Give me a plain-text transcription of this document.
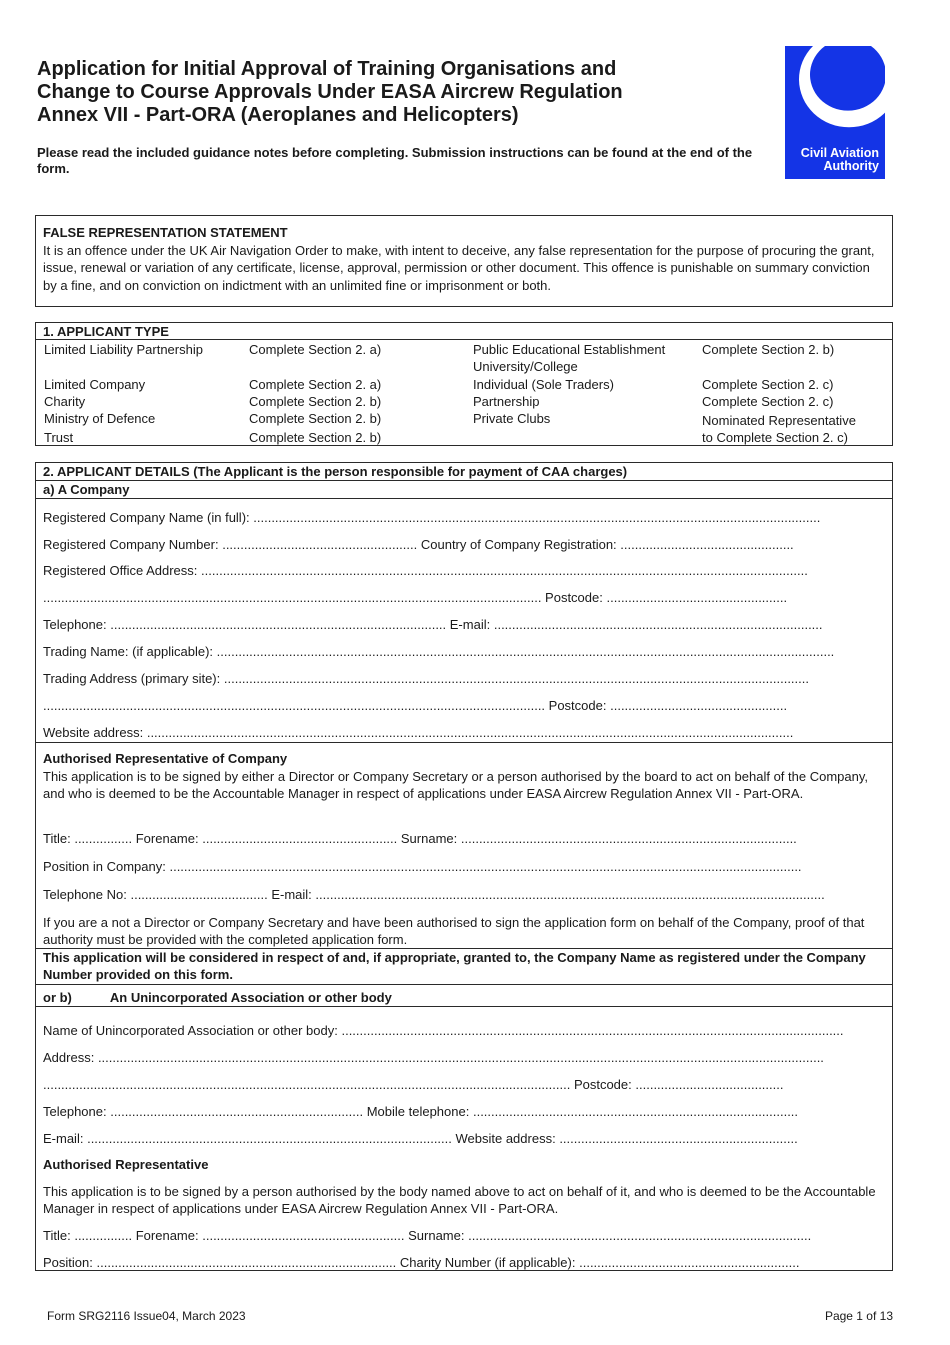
Application for Initial Approval of Training Organisations and
Change to Course Approvals Under EASA Aircrew Regulation
Annex VII - Part-ORA (Aeroplanes and Helicopters)
Please read the included guidance notes before completing. Submission instructions can be found at the end of the form.
Civil Aviation
Authority
FALSE REPRESENTATION STATEMENT
It is an offence under the UK Air Navigation Order to make, with intent to deceive, any false representation for the purpose of procuring the grant, issue, renewal or variation of any certificate, license, approval, permission or other document. This offence is punishable on summary conviction by a fine, and on conviction on indictment with an unlimited fine or imprisonment or both.
1. APPLICANT TYPE
Limited Liability Partnership	Complete Section 2. a)
Limited Company	Complete Section 2. a)
Charity	Complete Section 2. b)
Ministry of Defence	Complete Section 2. b)
Trust	Complete Section 2. b)
Public Educational Establishment
University/College
Complete Section 2. b)
Individual (Sole Traders)	Complete Section 2. c)
Partnership	Complete Section 2. c)
Private Clubs	Nominated Representative
to Complete Section 2. c)
2. APPLICANT DETAILS (The Applicant is the person responsible for payment of CAA charges)
a) A Company
Registered Company Name (in full): .............................................................................................................................................................
Registered Company Number: ...................................................... Country of Company Registration: ................................................
Registered Office Address: ........................................................................................................................................................................
.......................................................................................................................................... Postcode: ..................................................
Telephone: ............................................................................................. E-mail: ...........................................................................................
Trading Name: (if applicable): ...........................................................................................................................................................................
Trading Address (primary site): ..................................................................................................................................................................
........................................................................................................................................... Postcode: .................................................
Website address: ...................................................................................................................................................................................
Authorised Representative of Company
This application is to be signed by either a Director or Company Secretary or a person authorised by the board to act on behalf of the Company, and who is deemed to be the Accountable Manager in respect of applications under EASA Aircrew Regulation Annex VII - Part-ORA.
Title: ................ Forename: ...................................................... Surname: .............................................................................................
Position in Company: ...............................................................................................................................................................................
Telephone No: ...................................... E-mail: .............................................................................................................................................
If you are a not a Director or Company Secretary and have been authorised to sign the application form on behalf of the Company, proof of that authority must be provided with the completed application form.
This application will be considered in respect of and, if appropriate, granted to, the Company Name as registered under the Company Number provided on this form.
or b)	An Unincorporated Association or other body
Name of Unincorporated Association or other body: ...........................................................................................................................................
Address: .........................................................................................................................................................................................................
.................................................................................................................................................. Postcode: .........................................
Telephone: ...................................................................... Mobile telephone: ..........................................................................................
E-mail: ..................................................................................................... Website address: ..................................................................
Authorised Representative
This application is to be signed by a person authorised by the body named above to act on behalf of it, and who is deemed to be the Accountable Manager in respect of applications under EASA Aircrew Regulation Annex VII - Part-ORA.
Title: ................ Forename: ........................................................ Surname: ...............................................................................................
Position: ................................................................................... Charity Number (if applicable): .............................................................
Form SRG2116 Issue04, March 2023	Page 1 of 13
